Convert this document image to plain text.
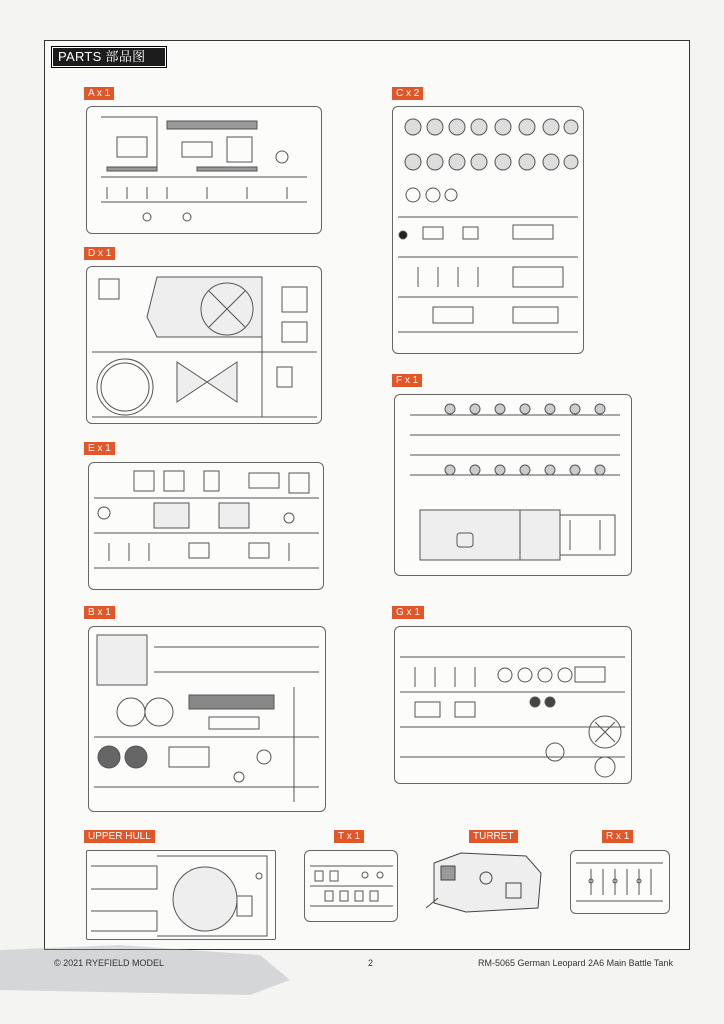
PARTS 部品图
A x 1	C x 2
D x 1
F x 1
E x 1
B x 1	G x 1
UPPER HULL	T x 1	TURRET	R x 1
© 2021 RYEFIELD MODEL	2	RM-5065 German Leopard 2A6 Main Battle Tank
